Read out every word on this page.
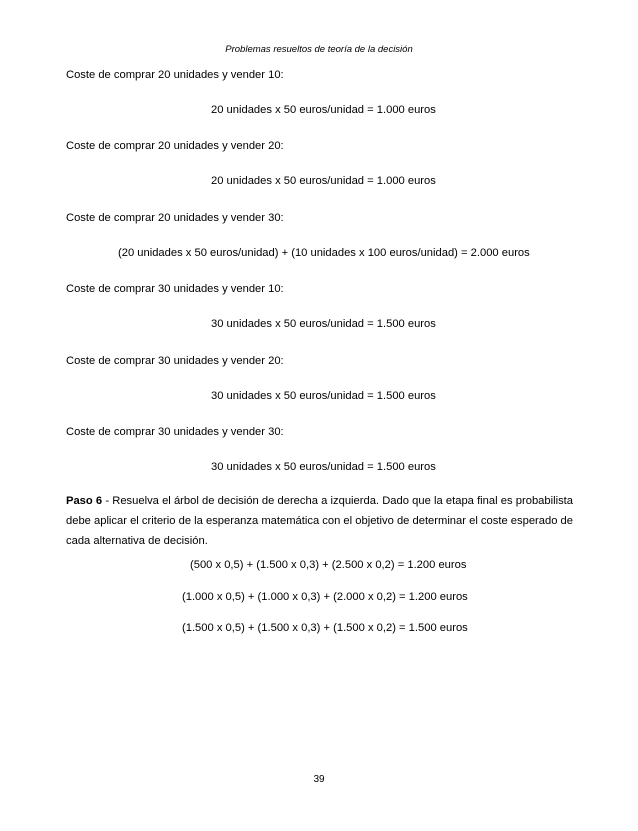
Problemas resueltos de teoría de la decisión
Coste de comprar 20 unidades y vender 10:
20 unidades x 50 euros/unidad = 1.000 euros
Coste de comprar 20 unidades y vender 20:
20 unidades x 50 euros/unidad = 1.000 euros
Coste de comprar 20 unidades y vender 30:
(20 unidades x 50 euros/unidad) + (10 unidades x 100 euros/unidad) = 2.000 euros
Coste de comprar 30 unidades y vender 10:
30 unidades x 50 euros/unidad = 1.500 euros
Coste de comprar 30 unidades y vender 20:
30 unidades x 50 euros/unidad = 1.500 euros
Coste de comprar 30 unidades y vender 30:
30 unidades x 50 euros/unidad = 1.500 euros
Paso 6 - Resuelva el árbol de decisión de derecha a izquierda. Dado que la etapa final es probabilista debe aplicar el criterio de la esperanza matemática con el objetivo de determinar el coste esperado de cada alternativa de decisión.
(500 x 0,5) + (1.500 x 0,3) + (2.500 x 0,2) = 1.200 euros
(1.000 x 0,5) + (1.000 x 0,3) + (2.000 x 0,2) = 1.200 euros
(1.500 x 0,5) + (1.500 x 0,3) + (1.500 x 0,2) = 1.500 euros
39
